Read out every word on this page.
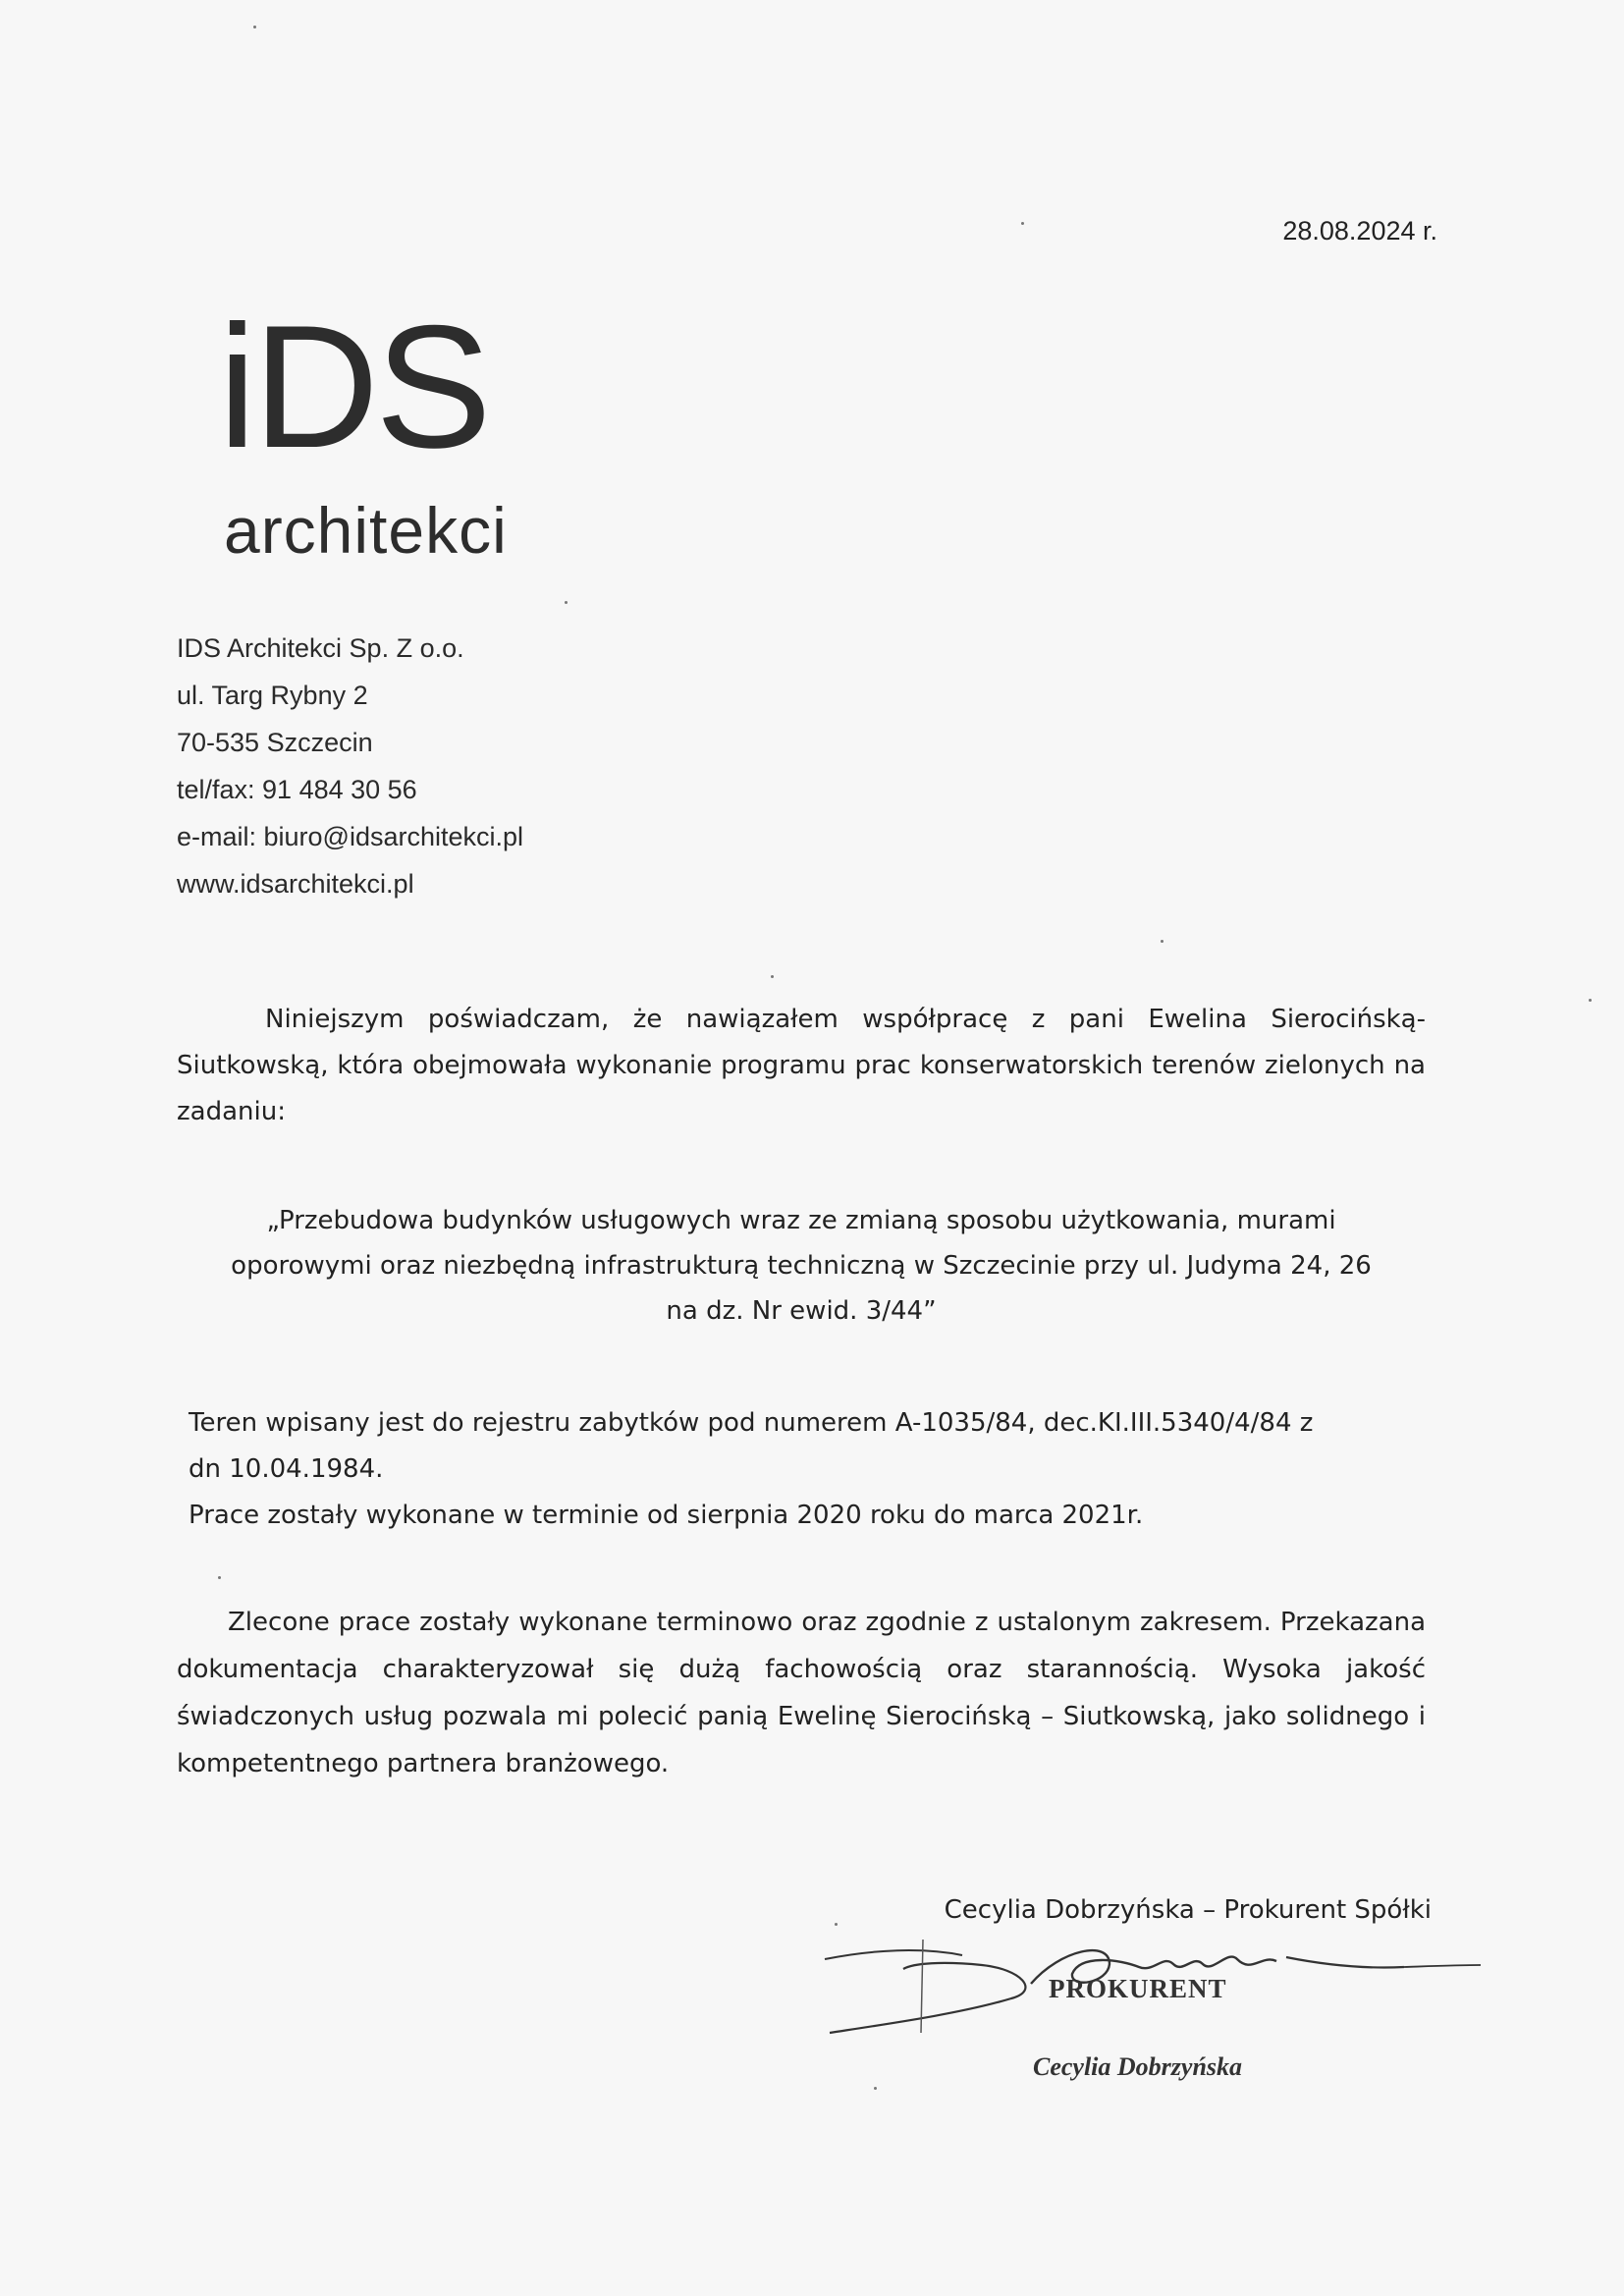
28.08.2024 r.
iDS
architekci
IDS Architekci Sp. Z o.o.
ul. Targ Rybny 2
70-535 Szczecin
tel/fax: 91 484 30 56
e-mail: biuro@idsarchitekci.pl
www.idsarchitekci.pl
Niniejszym poświadczam, że nawiązałem współpracę z pani Ewelina Sierocińską-Siutkowską, która obejmowała wykonanie programu prac konserwatorskich terenów zielonych na zadaniu:
„Przebudowa budynków usługowych wraz ze zmianą sposobu użytkowania, murami
oporowymi oraz niezbędną infrastrukturą techniczną w Szczecinie przy ul. Judyma 24, 26
na dz. Nr ewid. 3/44”
Teren wpisany jest do rejestru zabytków pod numerem A-1035/84, dec.KI.III.5340/4/84 z
dn 10.04.1984.
Prace zostały wykonane w terminie od sierpnia 2020 roku do marca 2021r.
Zlecone prace zostały wykonane terminowo oraz zgodnie z ustalonym zakresem. Przekazana dokumentacja charakteryzował się dużą fachowością oraz starannością. Wysoka jakość świadczonych usług pozwala mi polecić panią Ewelinę Sierocińską – Siutkowską, jako solidnego i kompetentnego partnera branżowego.
Cecylia Dobrzyńska – Prokurent Spółki
PROKURENT
Cecylia Dobrzyńska
